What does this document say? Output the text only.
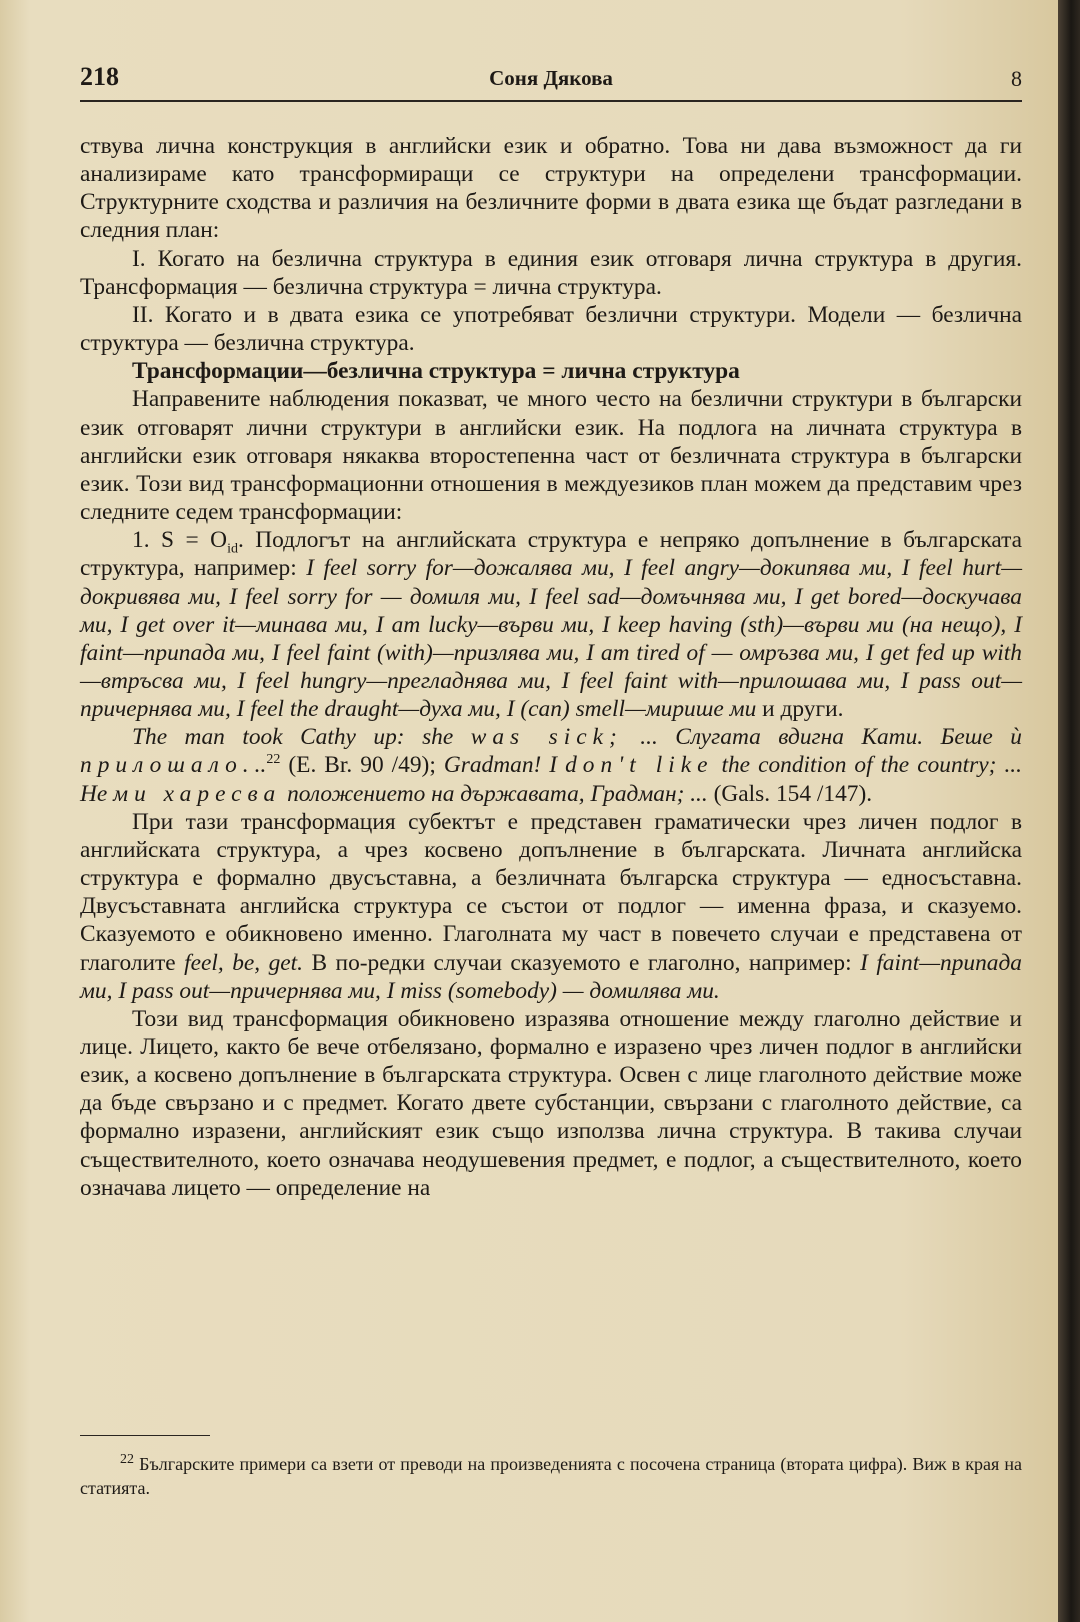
218	Соня Дякова	8

ствува лична конструкция в английски език и обратно. Това ни дава възможност да ги анализираме като трансформиращи се структури на определени трансформации. Структурните сходства и различия на безличните форми в двата езика ще бъдат разгледани в следния план:

I. Когато на безлична структура в единия език отговаря лична структура в другия. Трансформация — безлична структура = лична структура.

II. Когато и в двата езика се употребяват безлични структури. Модели — безлична структура — безлична структура.

Трансформации—безлична структура = лична структура

Направените наблюдения показват, че много често на безлични структури в български език отговарят лични структури в английски език. На подлога на личната структура в английски език отговаря някаква второстепенна част от безличната структура в български език. Този вид трансформационни отношения в междуезиков план можем да представим чрез следните седем трансформации:

1. $S = O_{id}$. Подлогът на английската структура е непряко допълнение в българската структура, например: I feel sorry for—дожалява ми, I feel angry—докипява ми, I feel hurt—докривява ми, I feel sorry for — домиля ми, I feel sad—домъчнява ми, I get bored—доскучава ми, I get over it—минава ми, I am lucky—върви ми, I keep having (sth)—върви ми (на нещо), I faint—припада ми, I feel faint (with)—призлява ми, I am tired of — омръзва ми, I get fed up with—втръсва ми, I feel hungry—прегладнява ми, I feel faint with—прилошава ми, I pass out—причернява ми, I feel the draught—духа ми, I (can) smell—мирише ми и други.

The man took Cathy up: she was sick; ... Слугата вдигна Кати. Беше ѝ прилошало...$^{22}$ (E. Br. 90 /49); Gradman! I don't like the condition of the country; ... Не ми харесва положението на държавата, Градман; ... (Gals. 154 /147).

При тази трансформация субектът е представен граматически чрез личен подлог в английската структура, а чрез косвено допълнение в българската. Личната английска структура е формално двусъставна, а безличната българска структура — едносъставна. Двусъставната английска структура се състои от подлог — именна фраза, и сказуемо. Сказуемото е обикновено именно. Глаголната му част в повечето случаи е представена от глаголите feel, be, get. В по-редки случаи сказуемото е глаголно, например: I faint—припада ми, I pass out—причернява ми, I miss (somebody) — домилява ми.

Този вид трансформация обикновено изразява отношение между глаголно действие и лице. Лицето, както бе вече отбелязано, формално е изразено чрез личен подлог в английски език, а косвено допълнение в българската структура. Освен с лице глаголното действие може да бъде свързано и с предмет. Когато двете субстанции, свързани с глаголното действие, са формално изразени, английският език също използва лична структура. В такива случаи съществителното, което означава неодушевения предмет, е подлог, а съществителното, което означава лицето — определение на

$^{22}$ Българските примери са взети от преводи на произведенията с посочена страница (втората цифра). Виж в края на статията.
